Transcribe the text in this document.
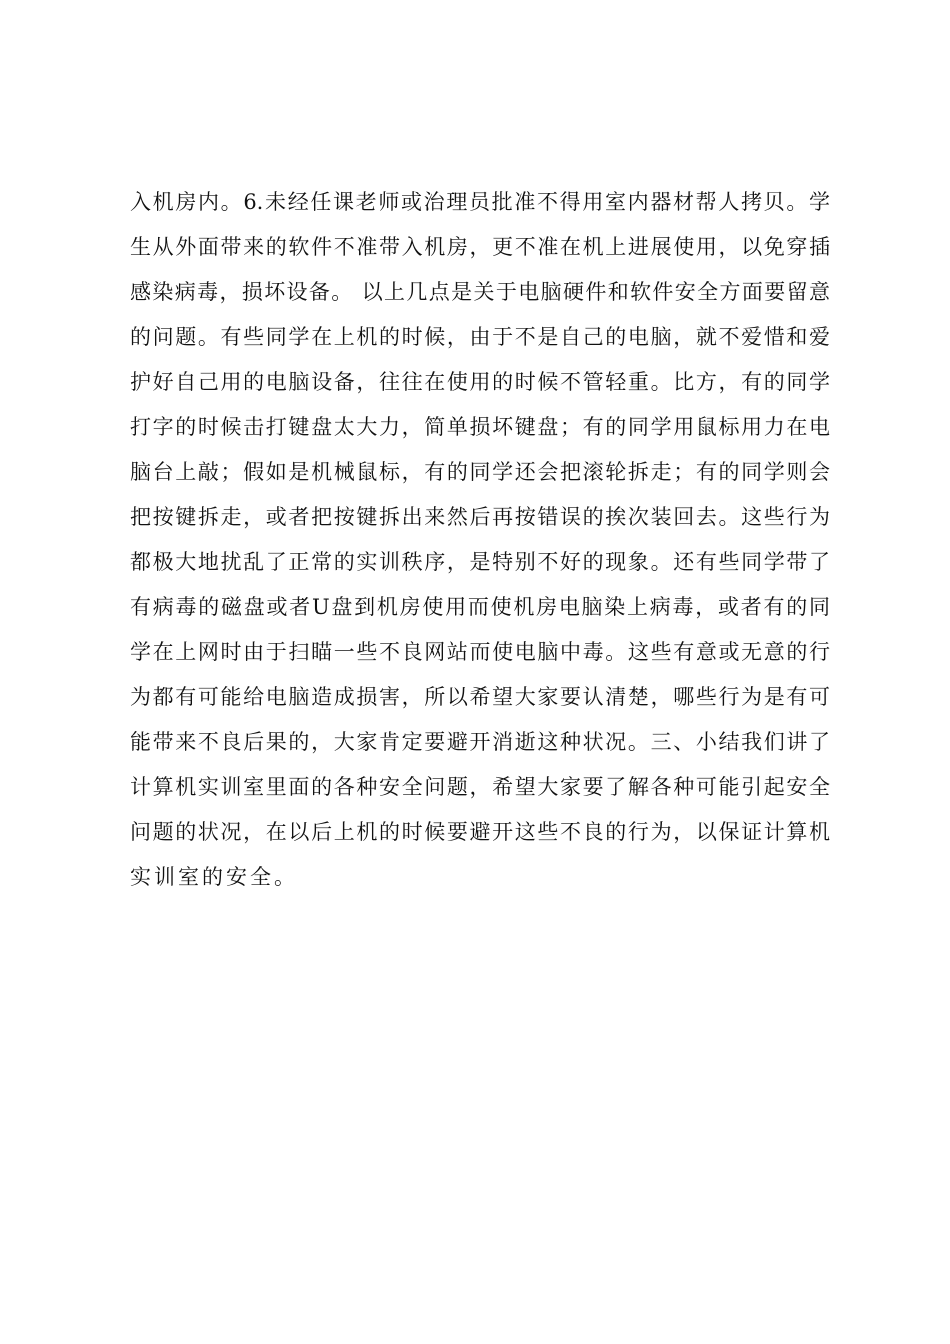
入机房内。6.未经任课老师或治理员批准不得用室内器材帮人拷贝。学
生从外面带来的软件不准带入机房，更不准在机上进展使用，以免穿插
感染病毒，损坏设备。 以上几点是关于电脑硬件和软件安全方面要留意
的问题。有些同学在上机的时候，由于不是自己的电脑，就不爱惜和爱
护好自己用的电脑设备，往往在使用的时候不管轻重。比方，有的同学
打字的时候击打键盘太大力，简单损坏键盘；有的同学用鼠标用力在电
脑台上敲；假如是机械鼠标，有的同学还会把滚轮拆走；有的同学则会
把按键拆走，或者把按键拆出来然后再按错误的挨次装回去。这些行为
都极大地扰乱了正常的实训秩序，是特别不好的现象。还有些同学带了
有病毒的磁盘或者U盘到机房使用而使机房电脑染上病毒，或者有的同
学在上网时由于扫瞄一些不良网站而使电脑中毒。这些有意或无意的行
为都有可能给电脑造成损害，所以希望大家要认清楚，哪些行为是有可
能带来不良后果的，大家肯定要避开消逝这种状况。三、小结我们讲了
计算机实训室里面的各种安全问题，希望大家要了解各种可能引起安全
问题的状况，在以后上机的时候要避开这些不良的行为，以保证计算机
实训室的安全。
